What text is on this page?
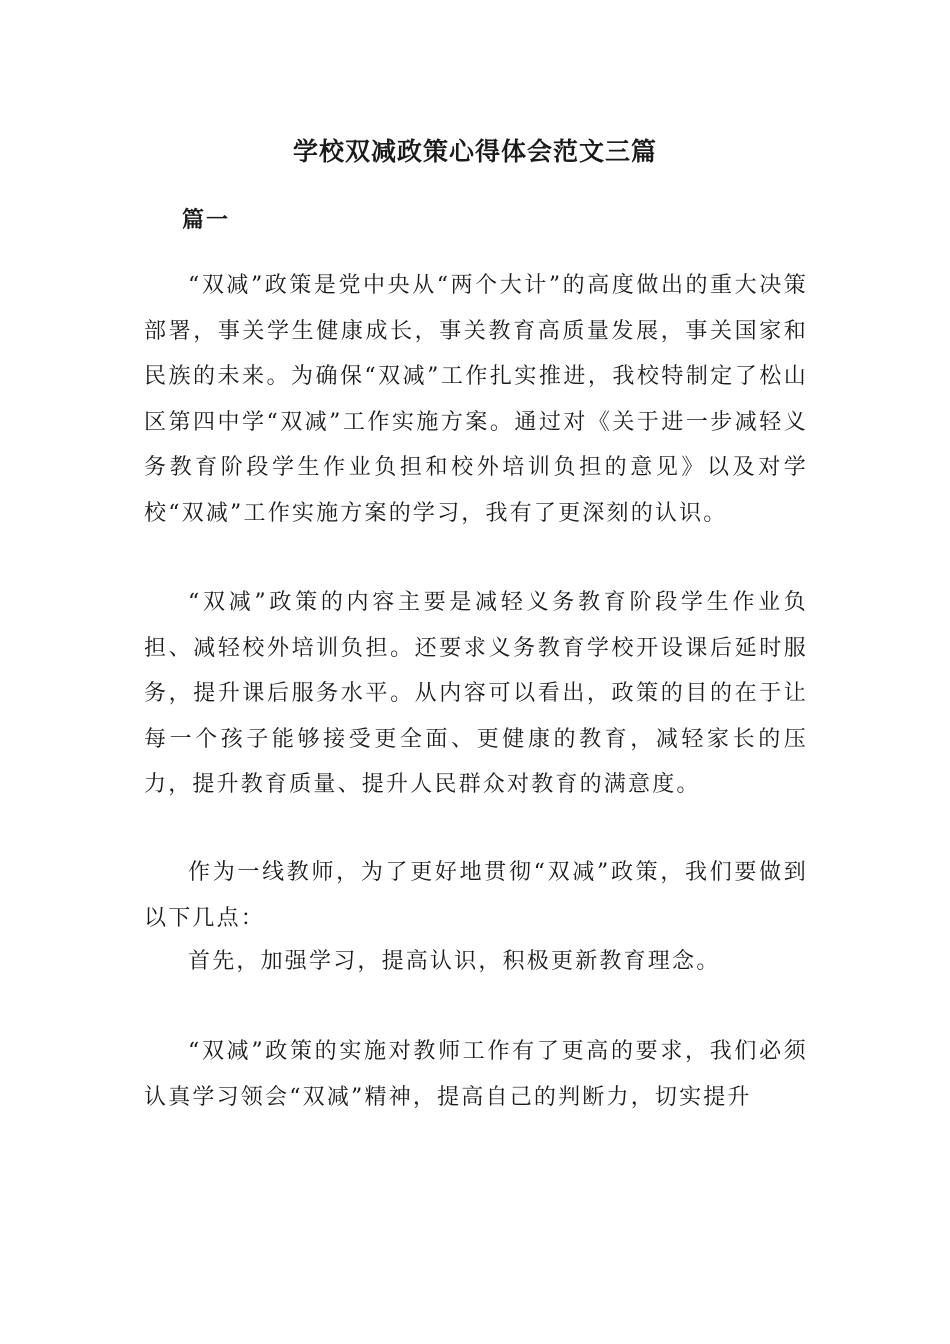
学校双减政策心得体会范文三篇
篇一

“双减”政策是党中央从“两个大计”的高度做出的重大决策部署，事关学生健康成长，事关教育高质量发展，事关国家和民族的未来。为确保“双减”工作扎实推进，我校特制定了松山区第四中学“双减”工作实施方案。通过对《关于进一步减轻义务教育阶段学生作业负担和校外培训负担的意见》以及对学校“双减”工作实施方案的学习，我有了更深刻的认识。

“双减”政策的内容主要是减轻义务教育阶段学生作业负担、减轻校外培训负担。还要求义务教育学校开设课后延时服务，提升课后服务水平。从内容可以看出，政策的目的在于让每一个孩子能够接受更全面、更健康的教育，减轻家长的压力，提升教育质量、提升人民群众对教育的满意度。

作为一线教师，为了更好地贯彻“双减”政策，我们要做到以下几点：

首先，加强学习，提高认识，积极更新教育理念。

“双减”政策的实施对教师工作有了更高的要求，我们必须认真学习领会“双减”精神，提高自己的判断力，切实提升
